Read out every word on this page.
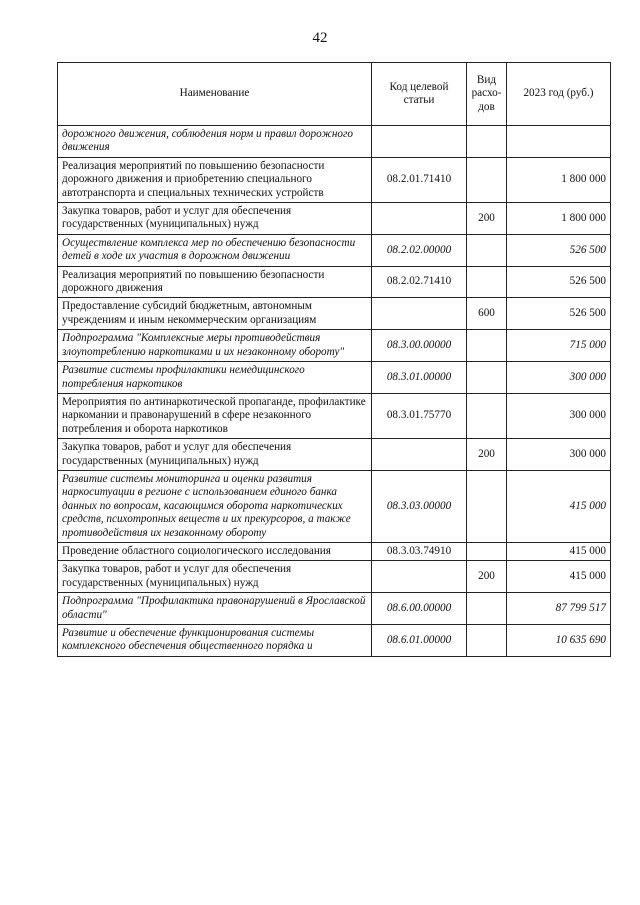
42
Наименование	Код целевой статьи	Вид расхо-дов	2023 год (руб.)
дорожного движения, соблюдения норм и правил дорожного движения			
Реализация мероприятий по повышению безопасности дорожного движения и приобретению специального автотранспорта и специальных технических устройств	08.2.01.71410		1 800 000
Закупка товаров, работ и услуг для обеспечения государственных (муниципальных) нужд		200	1 800 000
Осуществление комплекса мер по обеспечению безопасности детей в ходе их участия в дорожном движении	08.2.02.00000		526 500
Реализация мероприятий по повышению безопасности дорожного движения	08.2.02.71410		526 500
Предоставление субсидий бюджетным, автономным учреждениям и иным некоммерческим организациям		600	526 500
Подпрограмма "Комплексные меры противодействия злоупотреблению наркотиками и их незаконному обороту"	08.3.00.00000		715 000
Развитие системы профилактики немедицинского потребления наркотиков	08.3.01.00000		300 000
Мероприятия по антинаркотической пропаганде, профилактике наркомании и правонарушений в сфере незаконного потребления и оборота наркотиков	08.3.01.75770		300 000
Закупка товаров, работ и услуг для обеспечения государственных (муниципальных) нужд		200	300 000
Развитие системы мониторинга и оценки развития наркоситуации в регионе с использованием единого банка данных по вопросам, касающимся оборота наркотических средств, психотропных веществ и их прекурсоров, а также противодействия их незаконному обороту	08.3.03.00000		415 000
Проведение областного социологического исследования	08.3.03.74910		415 000
Закупка товаров, работ и услуг для обеспечения государственных (муниципальных) нужд		200	415 000
Подпрограмма "Профилактика правонарушений в Ярославской области"	08.6.00.00000		87 799 517
Развитие и обеспечение функционирования системы комплексного обеспечения общественного порядка и	08.6.01.00000		10 635 690
